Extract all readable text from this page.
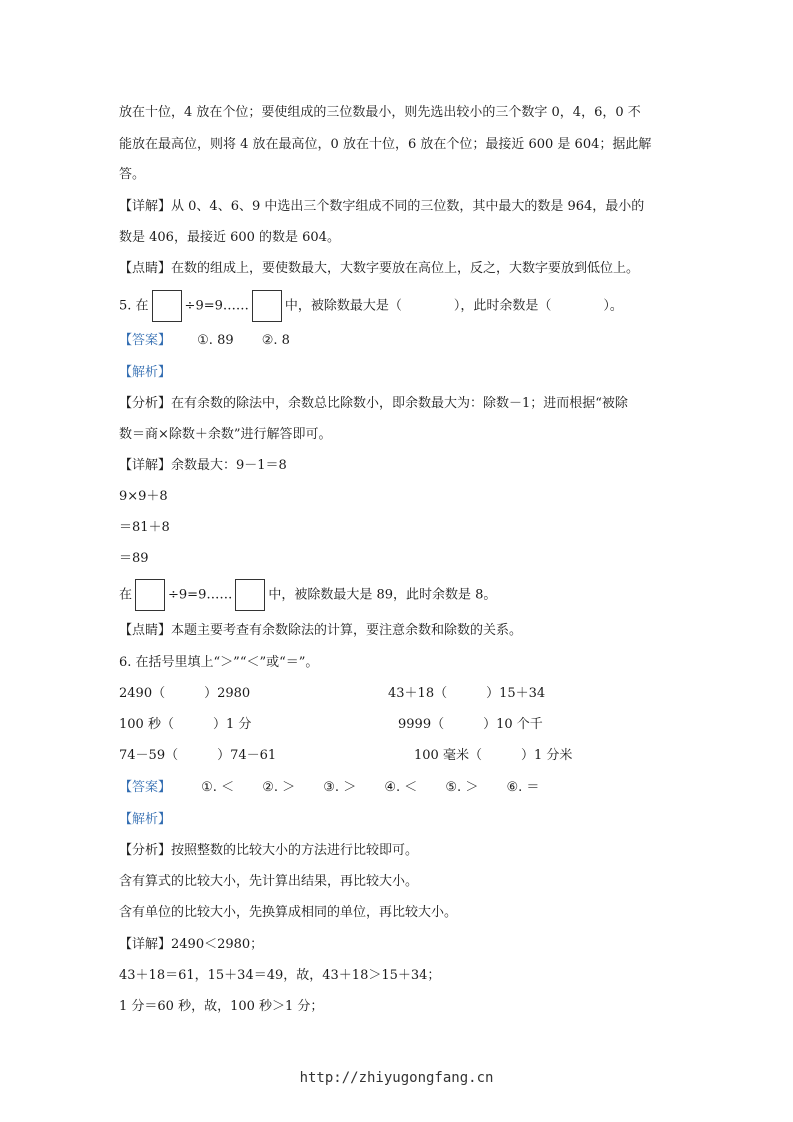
放在十位，4 放在个位；要使组成的三位数最小，则先选出较小的三个数字 0，4，6，0 不
能放在最高位，则将 4 放在最高位，0 放在十位，6 放在个位；最接近 600 是 604；据此解
答。
【详解】从 0、4、6、9 中选出三个数字组成不同的三位数，其中最大的数是 964，最小的
数是 406，最接近 600 的数是 604。
【点睛】在数的组成上，要使数最大，大数字要放在高位上，反之，大数字要放到低位上。
5. 在	÷9=9……	中，被除数最大是（　　　　），此时余数是（　　　　）。
【答案】 ①. 89 ②. 8
【解析】
【分析】在有余数的除法中，余数总比除数小，即余数最大为：除数－1；进而根据“被除
数＝商×除数＋余数”进行解答即可。
【详解】余数最大：9－1＝8
9×9＋8
＝81＋8
＝89
在	÷9=9……	中，被除数最大是 89，此时余数是 8。
【点睛】本题主要考查有余数除法的计算，要注意余数和除数的关系。
6. 在括号里填上“＞”“＜”或“＝”。
2490（　　　）2980	43＋18（　　　）15＋34
100 秒（　　　）1 分	9999（　　　）10 个千
74－59（　　　）74－61	100 毫米（　　　）1 分米
【答案】 ①. ＜ ②. ＞ ③. ＞ ④. ＜ ⑤. ＞ ⑥. ＝
【解析】
【分析】按照整数的比较大小的方法进行比较即可。
含有算式的比较大小，先计算出结果，再比较大小。
含有单位的比较大小，先换算成相同的单位，再比较大小。
【详解】2490＜2980；
43＋18＝61，15＋34＝49，故，43＋18＞15＋34；
1 分＝60 秒，故，100 秒＞1 分；
http://zhiyugongfang.cn
